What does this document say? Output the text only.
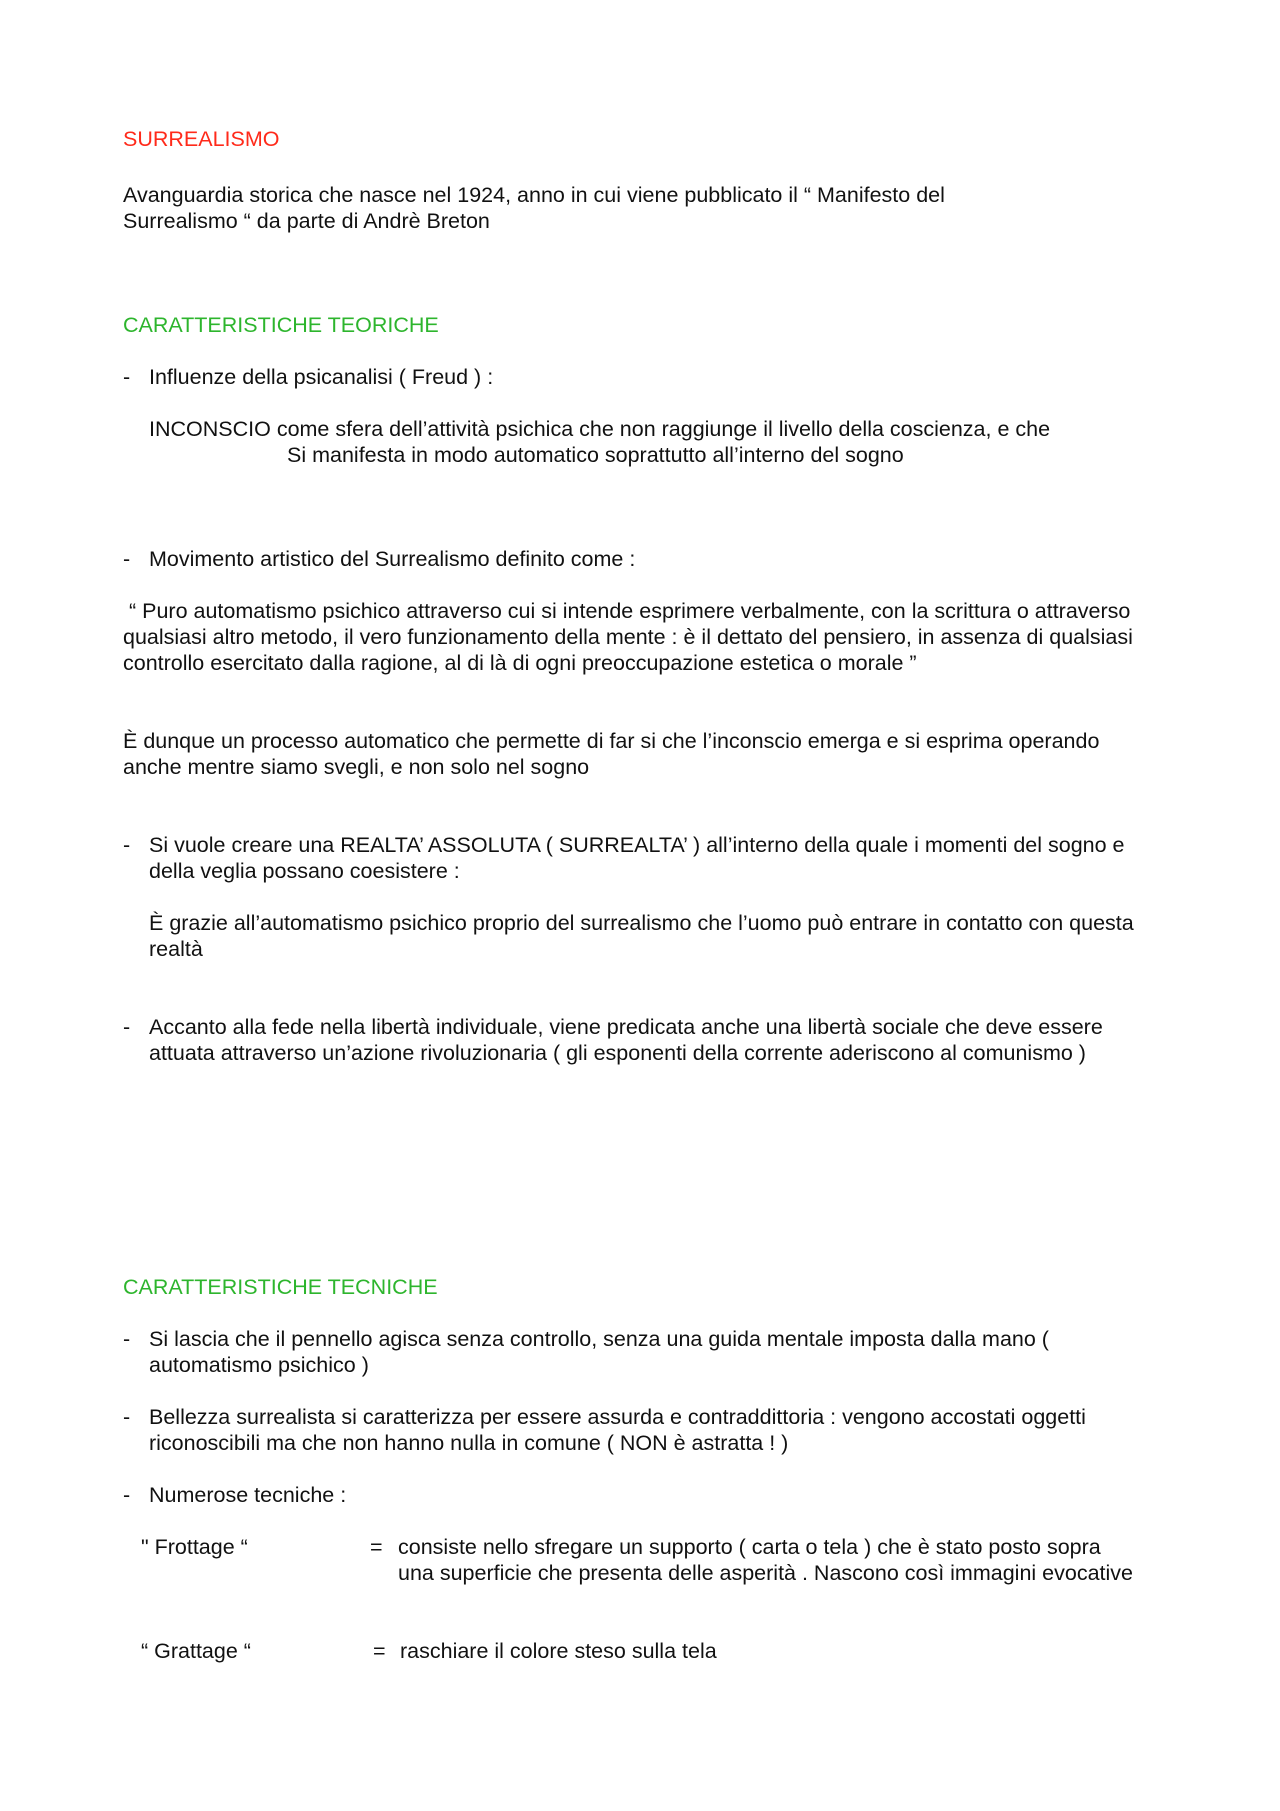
SURREALISMO
Avanguardia storica che nasce nel 1924, anno in cui viene pubblicato il “ Manifesto del Surrealismo “ da parte di Andrè Breton
CARATTERISTICHE TEORICHE
- Influenze della psicanalisi ( Freud ) :
INCONSCIO come sfera dell’attività psichica che non raggiunge il livello della coscienza, e che
Si manifesta in modo automatico soprattutto all’interno del sogno
- Movimento artistico del Surrealismo definito come :
“ Puro automatismo psichico attraverso cui si intende esprimere verbalmente, con la scrittura o attraverso qualsiasi altro metodo, il vero funzionamento della mente : è il dettato del pensiero, in assenza di qualsiasi controllo esercitato dalla ragione, al di là di ogni preoccupazione estetica o morale ”
È dunque un processo automatico che permette di far si che l’inconscio emerga e si esprima operando anche mentre siamo svegli, e non solo nel sogno
- Si vuole creare una REALTA’ ASSOLUTA ( SURREALTA’ ) all’interno della quale i momenti del sogno e della veglia possano coesistere :
È grazie all’automatismo psichico proprio del surrealismo che l’uomo può entrare in contatto con questa realtà
- Accanto alla fede nella libertà individuale, viene predicata anche una libertà sociale che deve essere attuata attraverso un’azione rivoluzionaria ( gli esponenti della corrente aderiscono al comunismo )
CARATTERISTICHE TECNICHE
- Si lascia che il pennello agisca senza controllo, senza una guida mentale imposta dalla mano ( automatismo psichico )
- Bellezza surrealista si caratterizza per essere assurda e contraddittoria : vengono accostati oggetti riconoscibili ma che non hanno nulla in comune ( NON è astratta ! )
- Numerose tecniche :
" Frottage “	= consiste nello sfregare un supporto ( carta o tela ) che è stato posto sopra una superficie che presenta delle asperità . Nascono così immagini evocative
“ Grattage “	= raschiare il colore steso sulla tela
